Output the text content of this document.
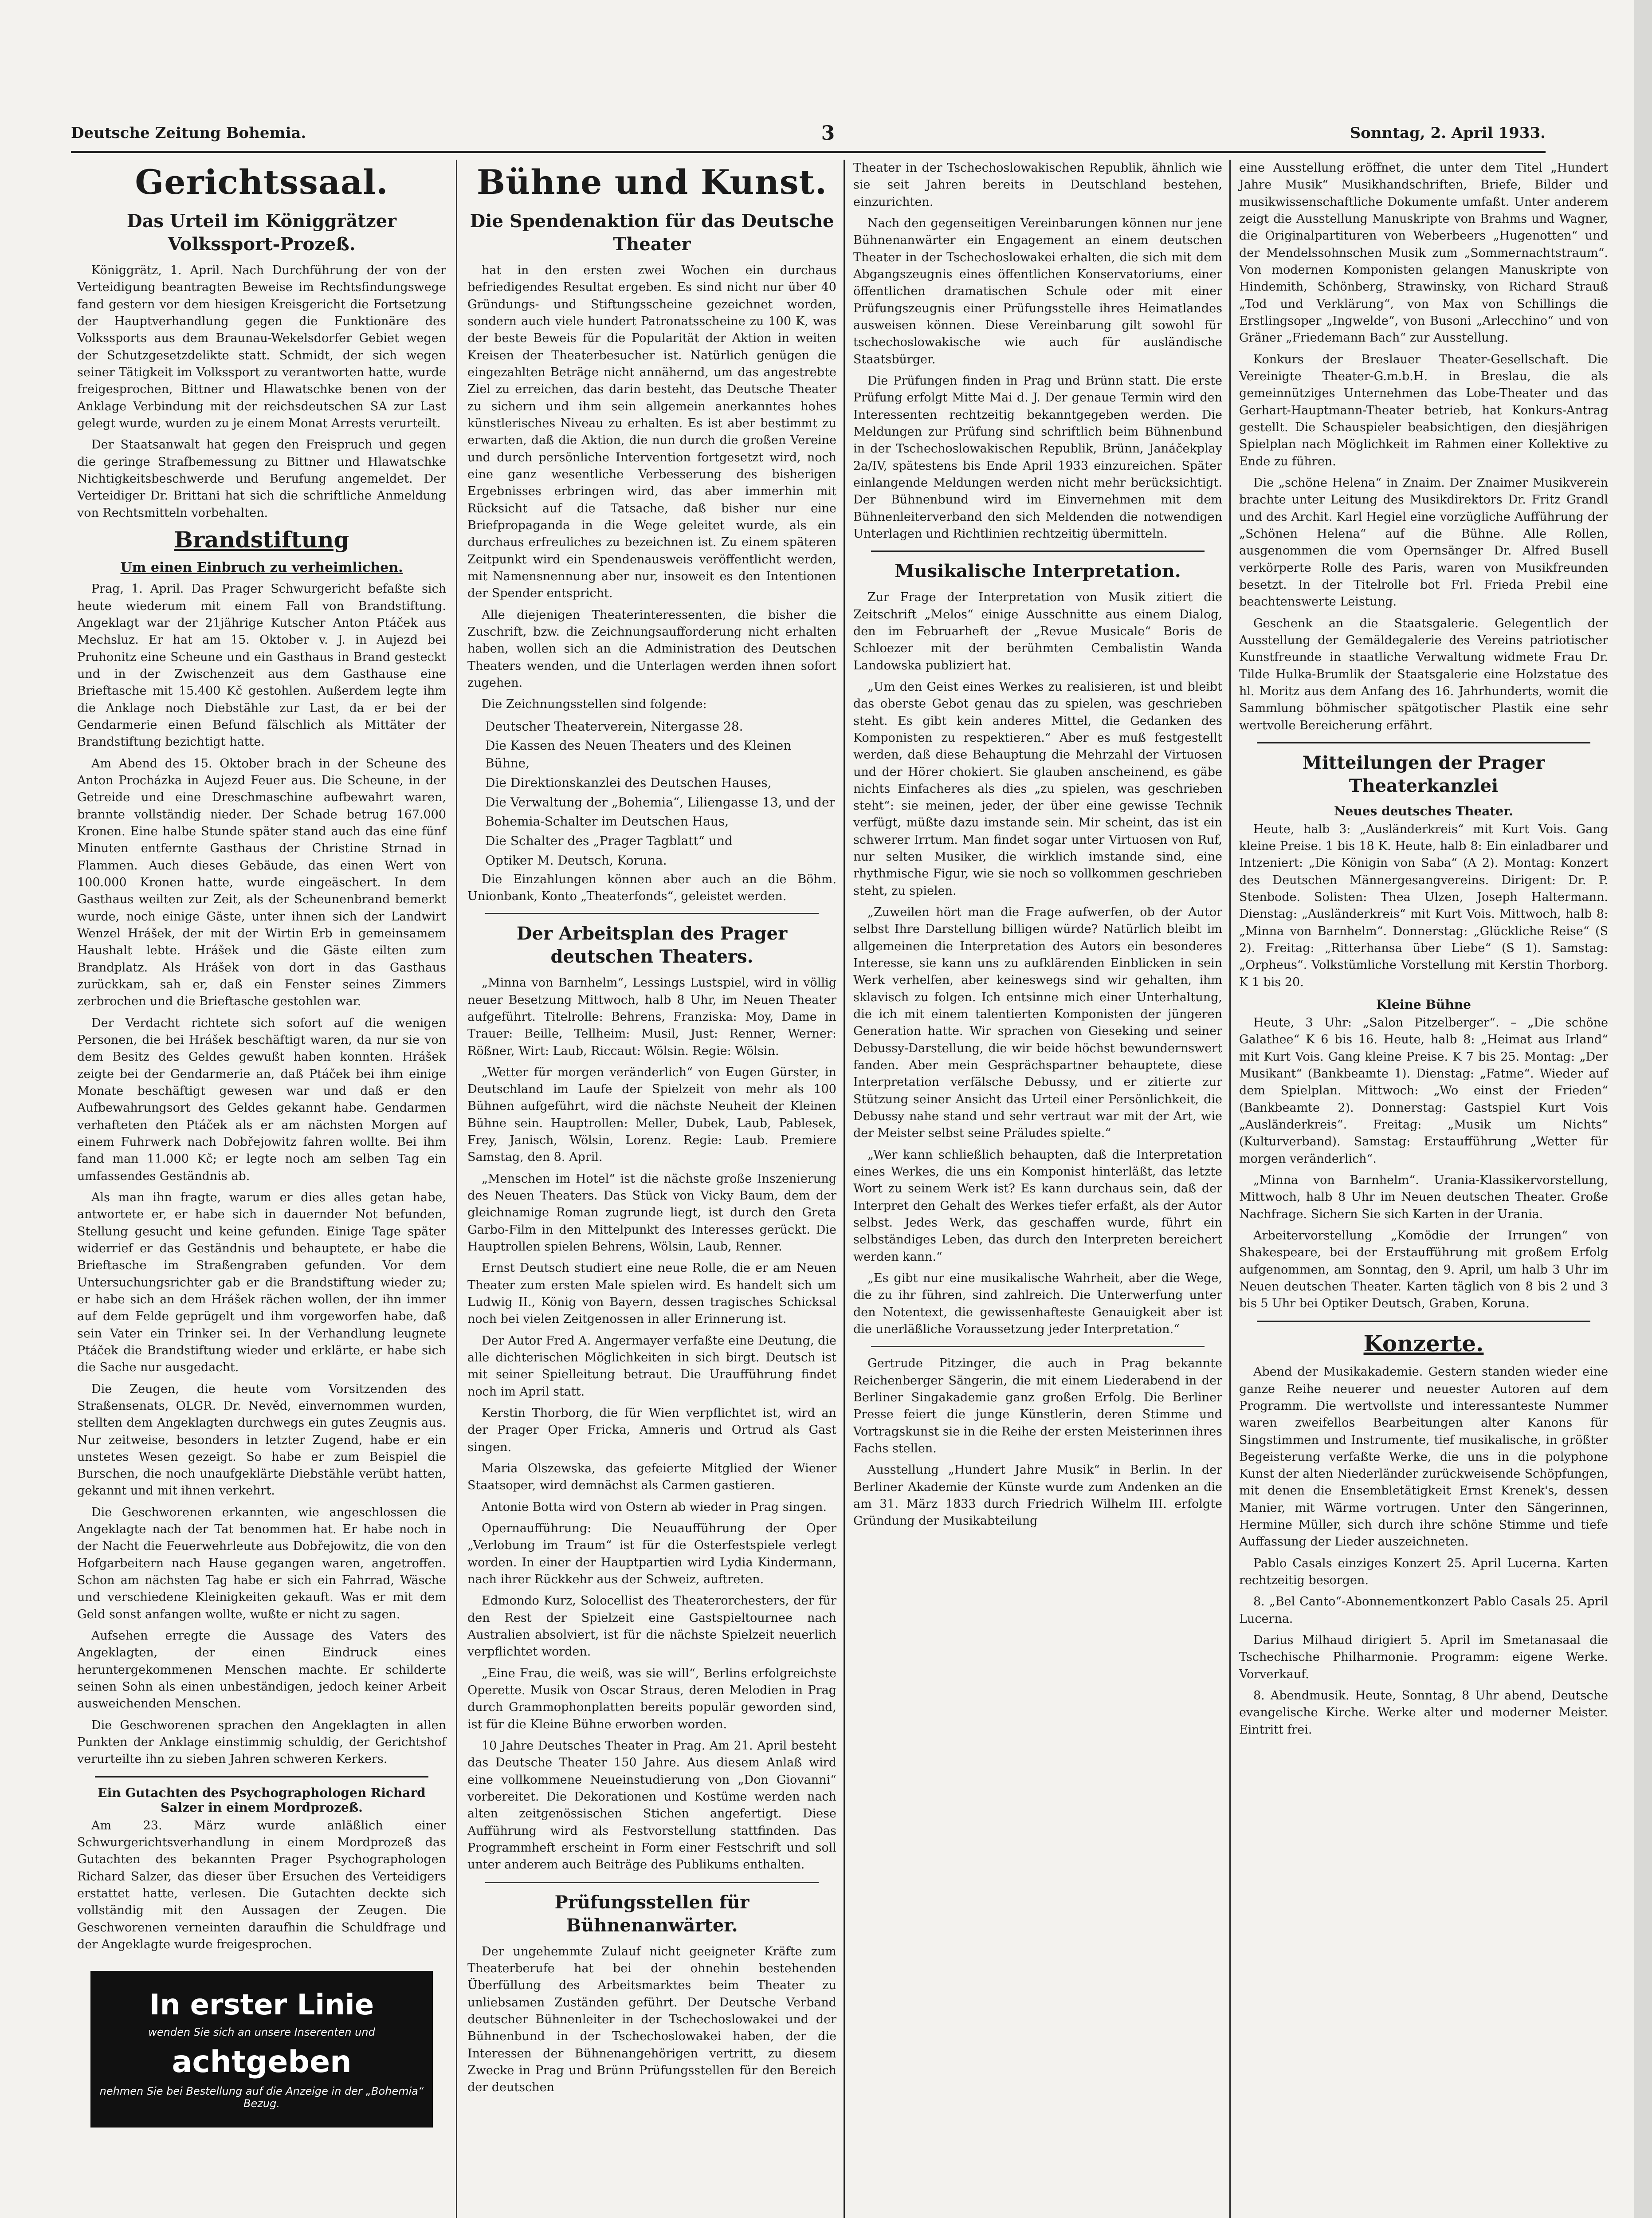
Deutsche Zeitung Bohemia.	3	Sonntag, 2. April 1933.
Gerichtssaal.
Das Urteil im Königgrätzer Volkssport-Prozeß.

Königgrätz, 1. April. Nach Durchführung der von der Verteidigung beantragten Beweise im Rechtsfindungswege fand gestern vor dem hiesigen Kreisgericht die Fortsetzung der Hauptverhandlung gegen die Funktionäre des Volkssports aus dem Braunau-Wekelsdorfer Gebiet wegen der Schutzgesetzdelikte statt. Schmidt, der sich wegen seiner Tätigkeit im Volkssport zu verantworten hatte, wurde freigesprochen, Bittner und Hlawatschke benen von der Anklage Verbindung mit der reichsdeutschen SA zur Last gelegt wurde, wurden zu je einem Monat Arrests verurteilt.

Der Staatsanwalt hat gegen den Freispruch und gegen die geringe Strafbemessung zu Bittner und Hlawatschke Nichtigkeitsbeschwerde und Berufung angemeldet. Der Verteidiger Dr. Brittani hat sich die schriftliche Anmeldung von Rechtsmitteln vorbehalten.

Brandstiftung
Um einen Einbruch zu verheimlichen.

Prag, 1. April. Das Prager Schwurgericht befaßte sich heute wiederum mit einem Fall von Brandstiftung. Angeklagt war der 21jährige Kutscher Anton Ptáček aus Mechsluz. Er hat am 15. Oktober v. J. in Aujezd bei Pruhonitz eine Scheune und ein Gasthaus in Brand gesteckt und in der Zwischenzeit aus dem Gasthause eine Brieftasche mit 15.400 Kč gestohlen. Außerdem legte ihm die Anklage noch Diebstähle zur Last, da er bei der Gendarmerie einen Befund fälschlich als Mittäter der Brandstiftung bezichtigt hatte.

Am Abend des 15. Oktober brach in der Scheune des Anton Procházka in Aujezd Feuer aus. Die Scheune, in der Getreide und eine Dreschmaschine aufbewahrt waren, brannte vollständig nieder. Der Schade betrug 167.000 Kronen. Eine halbe Stunde später stand auch das eine fünf Minuten entfernte Gasthaus der Christine Strnad in Flammen. Auch dieses Gebäude, das einen Wert von 100.000 Kronen hatte, wurde eingeäschert. In dem Gasthaus weilten zur Zeit, als der Scheunenbrand bemerkt wurde, noch einige Gäste, unter ihnen sich der Landwirt Wenzel Hrášek, der mit der Wirtin Erb in gemeinsamem Haushalt lebte. Hrášek und die Gäste eilten zum Brandplatz. Als Hrášek von dort in das Gasthaus zurückkam, sah er, daß ein Fenster seines Zimmers zerbrochen und die Brieftasche gestohlen war.

Der Verdacht richtete sich sofort auf die wenigen Personen, die bei Hrášek beschäftigt waren, da nur sie von dem Besitz des Geldes gewußt haben konnten. Hrášek zeigte bei der Gendarmerie an, daß Ptáček bei ihm einige Monate beschäftigt gewesen war und daß er den Aufbewahrungsort des Geldes gekannt habe. Gendarmen verhafteten den Ptáček als er am nächsten Morgen auf einem Fuhrwerk nach Dobřejowitz fahren wollte. Bei ihm fand man 11.000 Kč; er legte noch am selben Tag ein umfassendes Geständnis ab.

Als man ihn fragte, warum er dies alles getan habe, antwortete er, er habe sich in dauernder Not befunden, Stellung gesucht und keine gefunden. Einige Tage später widerrief er das Geständnis und behauptete, er habe die Brieftasche im Straßengraben gefunden. Vor dem Untersuchungsrichter gab er die Brandstiftung wieder zu; er habe sich an dem Hrášek rächen wollen, der ihn immer auf dem Felde geprügelt und ihm vorgeworfen habe, daß sein Vater ein Trinker sei. In der Verhandlung leugnete Ptáček die Brandstiftung wieder und erklärte, er habe sich die Sache nur ausgedacht.

Die Zeugen, die heute vom Vorsitzenden des Straßensenats, OLGR. Dr. Nevěd, einvernommen wurden, stellten dem Angeklagten durchwegs ein gutes Zeugnis aus. Nur zeitweise, besonders in letzter Zugend, habe er ein unstetes Wesen gezeigt. So habe er zum Beispiel die Burschen, die noch unaufgeklärte Diebstähle verübt hatten, gekannt und mit ihnen verkehrt.

Die Geschworenen erkannten, wie angeschlossen die Angeklagte nach der Tat benommen hat. Er habe noch in der Nacht die Feuerwehrleute aus Dobřejowitz, die von den Hofgarbeitern nach Hause gegangen waren, angetroffen. Schon am nächsten Tag habe er sich ein Fahrrad, Wäsche und verschiedene Kleinigkeiten gekauft. Was er mit dem Geld sonst anfangen wollte, wußte er nicht zu sagen.

Aufsehen erregte die Aussage des Vaters des Angeklagten, der einen Eindruck eines heruntergekommenen Menschen machte. Er schilderte seinen Sohn als einen unbeständigen, jedoch keiner Arbeit ausweichenden Menschen.

Die Geschworenen sprachen den Angeklagten in allen Punkten der Anklage einstimmig schuldig, der Gerichtshof verurteilte ihn zu sieben Jahren schweren Kerkers.

Ein Gutachten des Psychographologen Richard Salzer in einem Mordprozeß.

Am 23. März wurde anläßlich einer Schwurgerichtsverhandlung in einem Mordprozeß das Gutachten des bekannten Prager Psychographologen Richard Salzer, das dieser über Ersuchen des Verteidigers erstattet hatte, verlesen. Die Gutachten deckte sich vollständig mit den Aussagen der Zeugen. Die Geschworenen verneinten daraufhin die Schuldfrage und der Angeklagte wurde freigesprochen.

In erster Linie
wenden Sie sich an unsere Inserenten und
achtgeben
nehmen Sie bei Bestellung auf die Anzeige in der „Bohemia“ Bezug.
Bühne und Kunst.
Die Spendenaktion für das Deutsche Theater

hat in den ersten zwei Wochen ein durchaus befriedigendes Resultat ergeben. Es sind nicht nur über 40 Gründungs- und Stiftungsscheine gezeichnet worden, sondern auch viele hundert Patronatsscheine zu 100 K, was der beste Beweis für die Popularität der Aktion in weiten Kreisen der Theaterbesucher ist. Natürlich genügen die eingezahlten Beträge nicht annähernd, um das angestrebte Ziel zu erreichen, das darin besteht, das Deutsche Theater zu sichern und ihm sein allgemein anerkanntes hohes künstlerisches Niveau zu erhalten. Es ist aber bestimmt zu erwarten, daß die Aktion, die nun durch die großen Vereine und durch persönliche Intervention fortgesetzt wird, noch eine ganz wesentliche Verbesserung des bisherigen Ergebnisses erbringen wird, das aber immerhin mit Rücksicht auf die Tatsache, daß bisher nur eine Briefpropaganda in die Wege geleitet wurde, als ein durchaus erfreuliches zu bezeichnen ist. Zu einem späteren Zeitpunkt wird ein Spendenausweis veröffentlicht werden, mit Namensnennung aber nur, insoweit es den Intentionen der Spender entspricht.

Alle diejenigen Theaterinteressenten, die bisher die Zuschrift, bzw. die Zeichnungsaufforderung nicht erhalten haben, wollen sich an die Administration des Deutschen Theaters wenden, und die Unterlagen werden ihnen sofort zugehen.

Die Zeichnungsstellen sind folgende:

Deutscher Theaterverein, Nitergasse 28.
Die Kassen des Neuen Theaters und des Kleinen Bühne,
Die Direktionskanzlei des Deutschen Hauses,
Die Verwaltung der „Bohemia“, Liliengasse 13, und der
Bohemia-Schalter im Deutschen Haus,
Die Schalter des „Prager Tagblatt“ und
Optiker M. Deutsch, Koruna.

Die Einzahlungen können aber auch an die Böhm. Unionbank, Konto „Theaterfonds“, geleistet werden.

Der Arbeitsplan des Prager deutschen Theaters.

„Minna von Barnhelm“, Lessings Lustspiel, wird in völlig neuer Besetzung Mittwoch, halb 8 Uhr, im Neuen Theater aufgeführt. Titelrolle: Behrens, Franziska: Moy, Dame in Trauer: Beille, Tellheim: Musil, Just: Renner, Werner: Rößner, Wirt: Laub, Riccaut: Wölsin. Regie: Wölsin.

„Wetter für morgen veränderlich“ von Eugen Gürster, in Deutschland im Laufe der Spielzeit von mehr als 100 Bühnen aufgeführt, wird die nächste Neuheit der Kleinen Bühne sein. Hauptrollen: Meller, Dubek, Laub, Pablesek, Frey, Janisch, Wölsin, Lorenz. Regie: Laub. Premiere Samstag, den 8. April.

„Menschen im Hotel“ ist die nächste große Inszenierung des Neuen Theaters. Das Stück von Vicky Baum, dem der gleichnamige Roman zugrunde liegt, ist durch den Greta Garbo-Film in den Mittelpunkt des Interesses gerückt. Die Hauptrollen spielen Behrens, Wölsin, Laub, Renner.

Ernst Deutsch studiert eine neue Rolle, die er am Neuen Theater zum ersten Male spielen wird. Es handelt sich um Ludwig II., König von Bayern, dessen tragisches Schicksal noch bei vielen Zeitgenossen in aller Erinnerung ist.

Der Autor Fred A. Angermayer verfaßte eine Deutung, die alle dichterischen Möglichkeiten in sich birgt. Deutsch ist mit seiner Spielleitung betraut. Die Uraufführung findet noch im April statt.

Kerstin Thorborg, die für Wien verpflichtet ist, wird an der Prager Oper Fricka, Amneris und Ortrud als Gast singen.

Maria Olszewska, das gefeierte Mitglied der Wiener Staatsoper, wird demnächst als Carmen gastieren.

Antonie Botta wird von Ostern ab wieder in Prag singen.

Opernaufführung: Die Neuaufführung der Oper „Verlobung im Traum“ ist für die Osterfestspiele verlegt worden. In einer der Hauptpartien wird Lydia Kindermann, nach ihrer Rückkehr aus der Schweiz, auftreten.

Edmondo Kurz, Solocellist des Theaterorchesters, der für den Rest der Spielzeit eine Gastspieltournee nach Australien absolviert, ist für die nächste Spielzeit neuerlich verpflichtet worden.

„Eine Frau, die weiß, was sie will“, Berlins erfolgreichste Operette. Musik von Oscar Straus, deren Melodien in Prag durch Grammophonplatten bereits populär geworden sind, ist für die Kleine Bühne erworben worden.

10 Jahre Deutsches Theater in Prag. Am 21. April besteht das Deutsche Theater 150 Jahre. Aus diesem Anlaß wird eine vollkommene Neueinstudierung von „Don Giovanni“ vorbereitet. Die Dekorationen und Kostüme werden nach alten zeitgenössischen Stichen angefertigt. Diese Aufführung wird als Festvorstellung stattfinden. Das Programmheft erscheint in Form einer Festschrift und soll unter anderem auch Beiträge des Publikums enthalten.

Prüfungsstellen für Bühnenanwärter.

Der ungehemmte Zulauf nicht geeigneter Kräfte zum Theaterberufe hat bei der ohnehin bestehenden Überfüllung des Arbeitsmarktes beim Theater zu unliebsamen Zuständen geführt. Der Deutsche Verband deutscher Bühnenleiter in der Tschechoslowakei und der Bühnenbund in der Tschechoslowakei haben, der die Interessen der Bühnenangehörigen vertritt, zu diesem Zwecke in Prag und Brünn Prüfungsstellen für den Bereich der deutschen

Theater in der Tschechoslowakischen Republik, ähnlich wie sie seit Jahren bereits in Deutschland bestehen, einzurichten.

Nach den gegenseitigen Vereinbarungen können nur jene Bühnenanwärter ein Engagement an einem deutschen Theater in der Tschechoslowakei erhalten, die sich mit dem Abgangszeugnis eines öffentlichen Konservatoriums, einer öffentlichen dramatischen Schule oder mit einer Prüfungszeugnis einer Prüfungsstelle ihres Heimatlandes ausweisen können. Diese Vereinbarung gilt sowohl für tschechoslowakische wie auch für ausländische Staatsbürger.

Die Prüfungen finden in Prag und Brünn statt. Die erste Prüfung erfolgt Mitte Mai d. J. Der genaue Termin wird den Interessenten rechtzeitig bekanntgegeben werden. Die Meldungen zur Prüfung sind schriftlich beim Bühnenbund in der Tschechoslowakischen Republik, Brünn, Janáčekplay 2a/IV, spätestens bis Ende April 1933 einzureichen. Später einlangende Meldungen werden nicht mehr berücksichtigt. Der Bühnenbund wird im Einvernehmen mit dem Bühnenleiterverband den sich Meldenden die notwendigen Unterlagen und Richtlinien rechtzeitig übermitteln.

Musikalische Interpretation.

Zur Frage der Interpretation von Musik zitiert die Zeitschrift „Melos“ einige Ausschnitte aus einem Dialog, den im Februarheft der „Revue Musicale“ Boris de Schloezer mit der berühmten Cembalistin Wanda Landowska publiziert hat.

„Um den Geist eines Werkes zu realisieren, ist und bleibt das oberste Gebot genau das zu spielen, was geschrieben steht. Es gibt kein anderes Mittel, die Gedanken des Komponisten zu respektieren.“ Aber es muß festgestellt werden, daß diese Behauptung die Mehrzahl der Virtuosen und der Hörer chokiert. Sie glauben anscheinend, es gäbe nichts Einfacheres als dies „zu spielen, was geschrieben steht“: sie meinen, jeder, der über eine gewisse Technik verfügt, müßte dazu imstande sein. Mir scheint, das ist ein schwerer Irrtum. Man findet sogar unter Virtuosen von Ruf, nur selten Musiker, die wirklich imstande sind, eine rhythmische Figur, wie sie noch so vollkommen geschrieben steht, zu spielen.

„Zuweilen hört man die Frage aufwerfen, ob der Autor selbst Ihre Darstellung billigen würde? Natürlich bleibt im allgemeinen die Interpretation des Autors ein besonderes Interesse, sie kann uns zu aufklärenden Einblicken in sein Werk verhelfen, aber keineswegs sind wir gehalten, ihm sklavisch zu folgen. Ich entsinne mich einer Unterhaltung, die ich mit einem talentierten Komponisten der jüngeren Generation hatte. Wir sprachen von Gieseking und seiner Debussy-Darstellung, die wir beide höchst bewundernswert fanden. Aber mein Gesprächspartner behauptete, diese Interpretation verfälsche Debussy, und er zitierte zur Stützung seiner Ansicht das Urteil einer Persönlichkeit, die Debussy nahe stand und sehr vertraut war mit der Art, wie der Meister selbst seine Präludes spielte.“

„Wer kann schließlich behaupten, daß die Interpretation eines Werkes, die uns ein Komponist hinterläßt, das letzte Wort zu seinem Werk ist? Es kann durchaus sein, daß der Interpret den Gehalt des Werkes tiefer erfaßt, als der Autor selbst. Jedes Werk, das geschaffen wurde, führt ein selbständiges Leben, das durch den Interpreten bereichert werden kann.“

„Es gibt nur eine musikalische Wahrheit, aber die Wege, die zu ihr führen, sind zahlreich. Die Unterwerfung unter den Notentext, die gewissenhafteste Genauigkeit aber ist die unerläßliche Voraussetzung jeder Interpretation.“

Gertrude Pitzinger, die auch in Prag bekannte Reichenberger Sängerin, die mit einem Liederabend in der Berliner Singakademie ganz großen Erfolg. Die Berliner Presse feiert die junge Künstlerin, deren Stimme und Vortragskunst sie in die Reihe der ersten Meisterinnen ihres Fachs stellen.

Ausstellung „Hundert Jahre Musik“ in Berlin. In der Berliner Akademie der Künste wurde zum Andenken an die am 31. März 1833 durch Friedrich Wilhelm III. erfolgte Gründung der Musikabteilung

eine Ausstellung eröffnet, die unter dem Titel „Hundert Jahre Musik“ Musikhandschriften, Briefe, Bilder und musikwissenschaftliche Dokumente umfaßt. Unter anderem zeigt die Ausstellung Manuskripte von Brahms und Wagner, die Originalpartituren von Weberbeers „Hugenotten“ und der Mendelssohnschen Musik zum „Sommernachtstraum“. Von modernen Komponisten gelangen Manuskripte von Hindemith, Schönberg, Strawinsky, von Richard Strauß „Tod und Verklärung“, von Max von Schillings die Erstlingsoper „Ingwelde“, von Busoni „Arlecchino“ und von Gräner „Friedemann Bach“ zur Ausstellung.

Konkurs der Breslauer Theater-Gesellschaft. Die Vereinigte Theater-G.m.b.H. in Breslau, die als gemeinnütziges Unternehmen das Lobe-Theater und das Gerhart-Hauptmann-Theater betrieb, hat Konkurs-Antrag gestellt. Die Schauspieler beabsichtigen, den diesjährigen Spielplan nach Möglichkeit im Rahmen einer Kollektive zu Ende zu führen.

Die „schöne Helena“ in Znaim. Der Znaimer Musikverein brachte unter Leitung des Musikdirektors Dr. Fritz Grandl und des Archit. Karl Hegiel eine vorzügliche Aufführung der „Schönen Helena“ auf die Bühne. Alle Rollen, ausgenommen die vom Opernsänger Dr. Alfred Busell verkörperte Rolle des Paris, waren von Musikfreunden besetzt. In der Titelrolle bot Frl. Frieda Prebil eine beachtenswerte Leistung.

Geschenk an die Staatsgalerie. Gelegentlich der Ausstellung der Gemäldegalerie des Vereins patriotischer Kunstfreunde in staatliche Verwaltung widmete Frau Dr. Tilde Hulka-Brumlik der Staatsgalerie eine Holzstatue des hl. Moritz aus dem Anfang des 16. Jahrhunderts, womit die Sammlung böhmischer spätgotischer Plastik eine sehr wertvolle Bereicherung erfährt.

Mitteilungen der Prager Theaterkanzlei
Neues deutsches Theater.

Heute, halb 3: „Ausländerkreis“ mit Kurt Vois. Gang kleine Preise. 1 bis 18 K. Heute, halb 8: Ein einladbarer und Intzeniert: „Die Königin von Saba“ (A 2). Montag: Konzert des Deutschen Männergesangvereins. Dirigent: Dr. P. Stenbode. Solisten: Thea Ulzen, Joseph Haltermann. Dienstag: „Ausländerkreis“ mit Kurt Vois. Mittwoch, halb 8: „Minna von Barnhelm“. Donnerstag: „Glückliche Reise“ (S 2). Freitag: „Ritterhansa über Liebe“ (S 1). Samstag: „Orpheus“. Volkstümliche Vorstellung mit Kerstin Thorborg. K 1 bis 20.

Kleine Bühne

Heute, 3 Uhr: „Salon Pitzelberger“. – „Die schöne Galathee“ K 6 bis 16. Heute, halb 8: „Heimat aus Irland“ mit Kurt Vois. Gang kleine Preise. K 7 bis 25. Montag: „Der Musikant“ (Bankbeamte 1). Dienstag: „Fatme“. Wieder auf dem Spielplan. Mittwoch: „Wo einst der Frieden“ (Bankbeamte 2). Donnerstag: Gastspiel Kurt Vois „Ausländerkreis“. Freitag: „Musik um Nichts“ (Kulturverband). Samstag: Erstaufführung „Wetter für morgen veränderlich“.

„Minna von Barnhelm“. Urania-Klassikervorstellung, Mittwoch, halb 8 Uhr im Neuen deutschen Theater. Große Nachfrage. Sichern Sie sich Karten in der Urania.

Arbeitervorstellung „Komödie der Irrungen“ von Shakespeare, bei der Erstaufführung mit großem Erfolg aufgenommen, am Sonntag, den 9. April, um halb 3 Uhr im Neuen deutschen Theater. Karten täglich von 8 bis 2 und 3 bis 5 Uhr bei Optiker Deutsch, Graben, Koruna.

Konzerte.

Abend der Musikakademie. Gestern standen wieder eine ganze Reihe neuerer und neuester Autoren auf dem Programm. Die wertvollste und interessanteste Nummer waren zweifellos Bearbeitungen alter Kanons für Singstimmen und Instrumente, tief musikalische, in größter Begeisterung verfaßte Werke, die uns in die polyphone Kunst der alten Niederländer zurückweisende Schöpfungen, mit denen die Ensembletätigkeit Ernst Krenek's, dessen Manier, mit Wärme vortrugen. Unter den Sängerinnen, Hermine Müller, sich durch ihre schöne Stimme und tiefe Auffassung der Lieder auszeichneten.

Pablo Casals einziges Konzert 25. April Lucerna. Karten rechtzeitig besorgen.

8. „Bel Canto“-Abonnementkonzert Pablo Casals 25. April Lucerna.

Darius Milhaud dirigiert 5. April im Smetanasaal die Tschechische Philharmonie. Programm: eigene Werke. Vorverkauf.

8. Abendmusik. Heute, Sonntag, 8 Uhr abend, Deutsche evangelische Kirche. Werke alter und moderner Meister. Eintritt frei.
